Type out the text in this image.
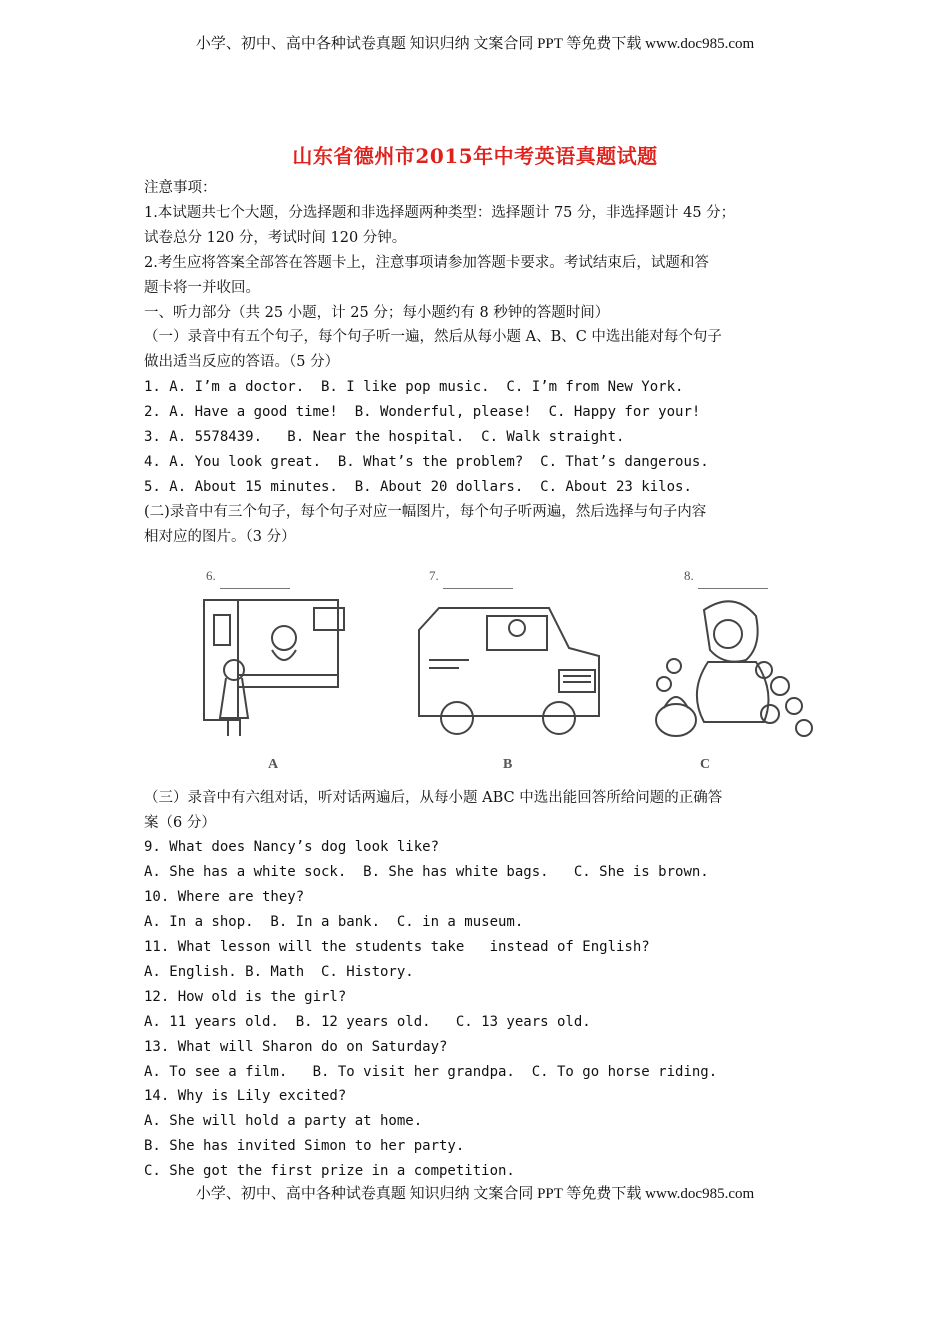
小学、初中、高中各种试卷真题 知识归纳 文案合同 PPT 等免费下载 www.doc985.com
山东省德州市2015年中考英语真题试题

注意事项：

1.本试题共七个大题，分选择题和非选择题两种类型：选择题计 75 分，非选择题计 45 分；

试卷总分 120 分，考试时间 120 分钟。

2.考生应将答案全部答在答题卡上，注意事项请参加答题卡要求。考试结束后，试题和答

题卡将一并收回。

一、听力部分（共 25 小题，计 25 分；每小题约有 8 秒钟的答题时间）

（一）录音中有五个句子，每个句子听一遍，然后从每小题 A、B、C 中选出能对每个句子

做出适当反应的答语。（5 分）

1. A. I’m a doctor.  B. I like pop music.  C. I’m from New York.

2. A. Have a good time!  B. Wonderful, please!  C. Happy for your!

3. A. 5578439.   B. Near the hospital.  C. Walk straight.

4. A. You look great.  B. What’s the problem?  C. That’s dangerous.

5. A. About 15 minutes.  B. About 20 dollars.  C. About 23 kilos.

(二)录音中有三个句子，每个句子对应一幅图片，每个句子听两遍，然后选择与句子内容

相对应的图片。（3 分）

6.
A
7.
B
8.
C

（三）录音中有六组对话，听对话两遍后，从每小题 ABC 中选出能回答所给问题的正确答

案（6 分）

9. What does Nancy’s dog look like?

A. She has a white sock.  B. She has white bags.   C. She is brown.

10. Where are they?

A. In a shop.  B. In a bank.  C. in a museum.

11. What lesson will the students take   instead of English?

A. English. B. Math  C. History.

12. How old is the girl?

A. 11 years old.  B. 12 years old.   C. 13 years old.

13. What will Sharon do on Saturday?

A. To see a film.   B. To visit her grandpa.  C. To go horse riding.

14. Why is Lily excited?

A. She will hold a party at home.

B. She has invited Simon to her party.

C. She got the first prize in a competition.

小学、初中、高中各种试卷真题 知识归纳 文案合同 PPT 等免费下载 www.doc985.com
